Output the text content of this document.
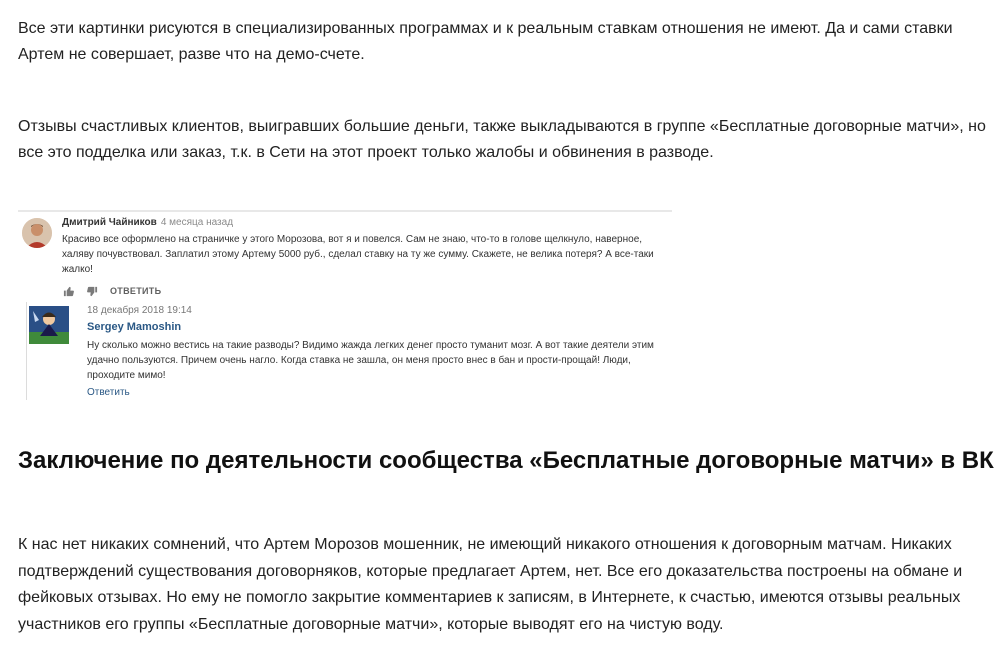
Все эти картинки рисуются в специализированных программах и к реальным ставкам отношения не имеют. Да и сами ставки Артем не совершает, разве что на демо-счете.

Отзывы счастливых клиентов, выигравших большие деньги, также выкладываются в группе «Бесплатные договорные матчи», но все это подделка или заказ, т.к. в Сети на этот проект только жалобы и обвинения в разводе.

Дмитрий Чайников 4 месяца назад

Красиво все оформлено на страничке у этого Морозова, вот я и повелся. Сам не знаю, что-то в голове щелкнуло, наверное, халяву почувствовал. Заплатил этому Артему 5000 руб., сделал ставку на ту же сумму. Скажете, не велика потеря? А все-таки жалко!

ОТВЕТИТЬ
18 декабря 2018 19:14
Sergey Mamoshin

Ну сколько можно вестись на такие разводы? Видимо жажда легких денег просто туманит мозг. А вот такие деятели этим удачно пользуются. Причем очень нагло. Когда ставка не зашла, он меня просто внес в бан и прости-прощай! Люди, проходите мимо!

Ответить
Заключение по деятельности сообщества «Бесплатные договорные матчи» в ВК

К нас нет никаких сомнений, что Артем Морозов мошенник, не имеющий никакого отношения к договорным матчам. Никаких подтверждений существования договорняков, которые предлагает Артем, нет. Все его доказательства построены на обмане и фейковых отзывах. Но ему не помогло закрытие комментариев к записям, в Интернете, к счастью, имеются отзывы реальных участников его группы «Бесплатные договорные матчи», которые выводят его на чистую воду.
